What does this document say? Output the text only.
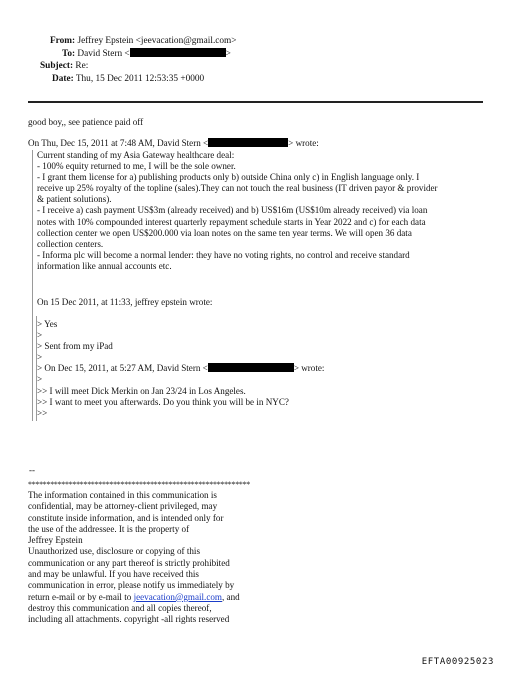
From: Jeffrey Epstein <jeevacation@gmail.com>
To: David Stern <	>
Subject: Re:
Date: Thu, 15 Dec 2011 12:53:35 +0000
good boy,, see patience paid off
On Thu, Dec 15, 2011 at 7:48 AM, David Stern <	> wrote:
Current standing of my Asia Gateway healthcare deal:
- 100% equity returned to me, I will be the sole owner.
- I grant them license for a) publishing products only b) outside China only c) in English language only. I
receive up 25% royalty of the topline (sales).They can not touch the real business (IT driven payor & provider
& patient solutions).
- I receive a) cash payment US$3m (already received) and b) US$16m (US$10m already received) via loan
notes with 10% compounded interest quarterly repayment schedule starts in Year 2022 and c) for each data
collection center we open US$200.000 via loan notes on the same ten year terms. We will open 36 data
collection centers.
- Informa plc will become a normal lender: they have no voting rights, no control and receive standard
information like annual accounts etc.
On 15 Dec 2011, at 11:33, jeffrey epstein wrote:
> Yes
>
> Sent from my iPad
>
> On Dec 15, 2011, at 5:27 AM, David Stern <	> wrote:
>
>> I will meet Dick Merkin on Jan 23/24 in Los Angeles.
>> I want to meet you afterwards. Do you think you will be in NYC?
>>
--
************************************************************
The information contained in this communication is
confidential, may be attorney-client privileged, may
constitute inside information, and is intended only for
the use of the addressee. It is the property of
Jeffrey Epstein
Unauthorized use, disclosure or copying of this
communication or any part thereof is strictly prohibited
and may be unlawful. If you have received this
communication in error, please notify us immediately by
return e-mail or by e-mail to jeevacation@gmail.com, and
destroy this communication and all copies thereof,
including all attachments. copyright -all rights reserved
EFTA00925023
